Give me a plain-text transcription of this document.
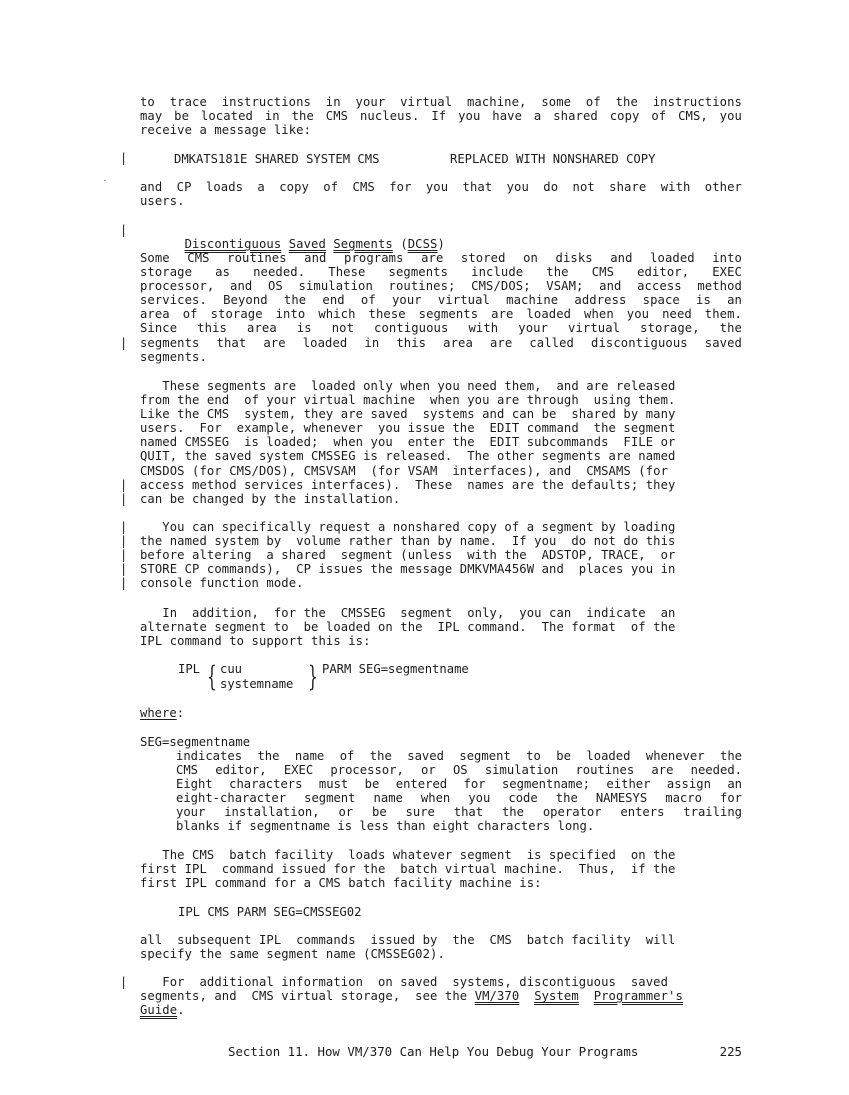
to trace instructions in your virtual machine, some of the instructions
may be located in the CMS nucleus. If you have a shared copy of CMS, you
receive a message like:
|
DMKATS181E SHARED SYSTEM CMS	REPLACED WITH NONSHARED COPY
and CP loads a copy of CMS for you that you do not share with other
users.
|

Discontiguous Saved Segments (DCSS)

|
Some CMS routines and programs are stored on disks and loaded into
storage as needed. These segments include the CMS editor, EXEC
processor, and OS simulation routines; CMS/DOS; VSAM; and access method
services. Beyond the end of your virtual machine address space is an
area of storage into which these segments are loaded when you need them.
Since this area is not contiguous with your virtual storage, the
segments that are loaded in this area are called discontiguous saved
segments.
|
|
These segments are  loaded only when you need them,  and are released
from the end  of your virtual machine  when you are through  using them.
Like the CMS  system, they are saved  systems and can be  shared by many
users.  For  example, whenever  you issue the  EDIT command  the segment
named CMSSEG  is loaded;  when you  enter the  EDIT subcommands  FILE or
QUIT, the saved system CMSSEG is released.  The other segments are named
CMSDOS (for CMS/DOS), CMSVSAM  (for VSAM  interfaces), and  CMSAMS (for
access method services interfaces).  These  names are the defaults; they
can be changed by the installation.
|
|
|
|
|
You can specifically request a nonshared copy of a segment by loading
the named system by  volume rather than by name.  If you  do not do this
before altering  a shared  segment (unless  with the  ADSTOP, TRACE,  or
STORE CP commands),  CP issues the message DMKVMA456W and  places you in
console function mode.
In  addition,  for the  CMSSEG  segment  only,  you can  indicate  an
alternate segment to  be loaded on the  IPL command.  The format  of the
IPL command to support this is:
IPL { cuu
systemname } PARM SEG=segmentname
where:
SEG=segmentname
indicates the name of the saved segment to be loaded whenever the
CMS editor, EXEC processor, or OS simulation routines are needed.
Eight characters must be entered for segmentname; either assign an
eight-character segment name when you code the NAMESYS macro for
your installation, or be sure that the operator enters trailing
blanks if segmentname is less than eight characters long.
The CMS  batch facility  loads whatever segment  is specified  on the
first IPL  command issued for the  batch virtual machine.  Thus,  if the
first IPL command for a CMS batch facility machine is:
IPL CMS PARM SEG=CMSSEG02
all  subsequent IPL  commands  issued by  the  CMS  batch facility  will
specify the same segment name (CMSSEG02).
|
For  additional information  on saved  systems, discontiguous  saved
segments, and  CMS virtual storage,  see the VM/370 System Programmer's
Guide.
Section 11. How VM/370 Can Help You Debug Your Programs	225
